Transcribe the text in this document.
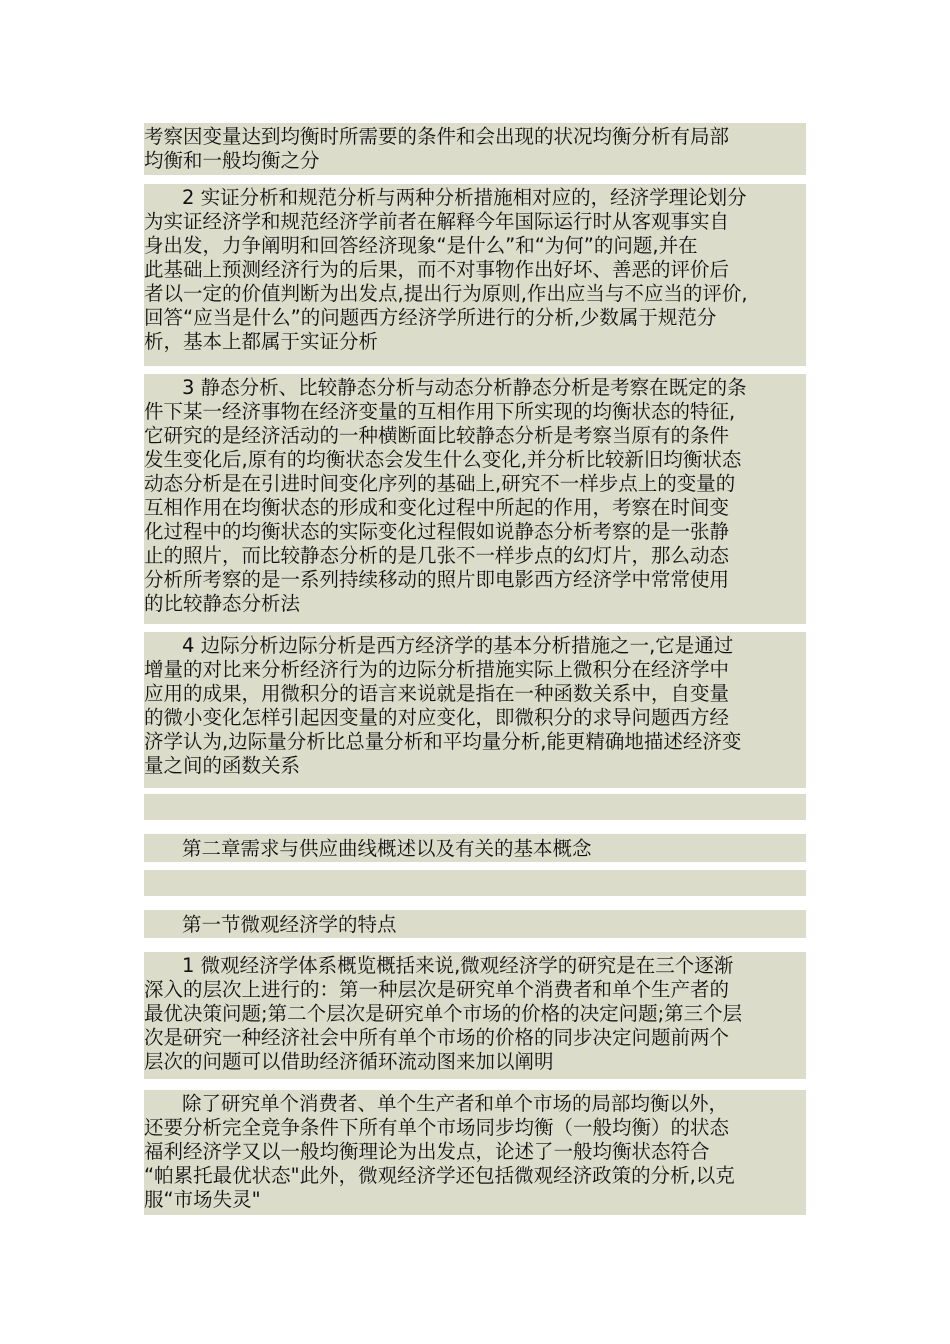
考察因变量达到均衡时所需要的条件和会出现的状况均衡分析有局部

均衡和一般均衡之分

2 实证分析和规范分析与两种分析措施相对应的，经济学理论划分

为实证经济学和规范经济学前者在解释今年国际运行时从客观事实自

身出发，力争阐明和回答经济现象“是什么”和“为何”的问题,并在

此基础上预测经济行为的后果，而不对事物作出好坏、善恶的评价后

者以一定的价值判断为出发点,提出行为原则,作出应当与不应当的评价,

回答“应当是什么”的问题西方经济学所进行的分析,少数属于规范分

析，基本上都属于实证分析

3 静态分析、比较静态分析与动态分析静态分析是考察在既定的条

件下某一经济事物在经济变量的互相作用下所实现的均衡状态的特征,

它研究的是经济活动的一种横断面比较静态分析是考察当原有的条件

发生变化后,原有的均衡状态会发生什么变化,并分析比较新旧均衡状态

动态分析是在引进时间变化序列的基础上,研究不一样步点上的变量的

互相作用在均衡状态的形成和变化过程中所起的作用，考察在时间变

化过程中的均衡状态的实际变化过程假如说静态分析考察的是一张静

止的照片，而比较静态分析的是几张不一样步点的幻灯片，那么动态

分析所考察的是一系列持续移动的照片即电影西方经济学中常常使用

的比较静态分析法

4 边际分析边际分析是西方经济学的基本分析措施之一,它是通过

增量的对比来分析经济行为的边际分析措施实际上微积分在经济学中

应用的成果，用微积分的语言来说就是指在一种函数关系中，自变量

的微小变化怎样引起因变量的对应变化，即微积分的求导问题西方经

济学认为,边际量分析比总量分析和平均量分析,能更精确地描述经济变

量之间的函数关系

第二章需求与供应曲线概述以及有关的基本概念

第一节微观经济学的特点

1 微观经济学体系概览概括来说,微观经济学的研究是在三个逐渐

深入的层次上进行的：第一种层次是研究单个消费者和单个生产者的

最优决策问题;第二个层次是研究单个市场的价格的决定问题;第三个层

次是研究一种经济社会中所有单个市场的价格的同步决定问题前两个

层次的问题可以借助经济循环流动图来加以阐明

除了研究单个消费者、单个生产者和单个市场的局部均衡以外，

还要分析完全竞争条件下所有单个市场同步均衡（一般均衡）的状态

福利经济学又以一般均衡理论为出发点，论述了一般均衡状态符合

“帕累托最优状态"此外，微观经济学还包括微观经济政策的分析,以克

服“市场失灵"
